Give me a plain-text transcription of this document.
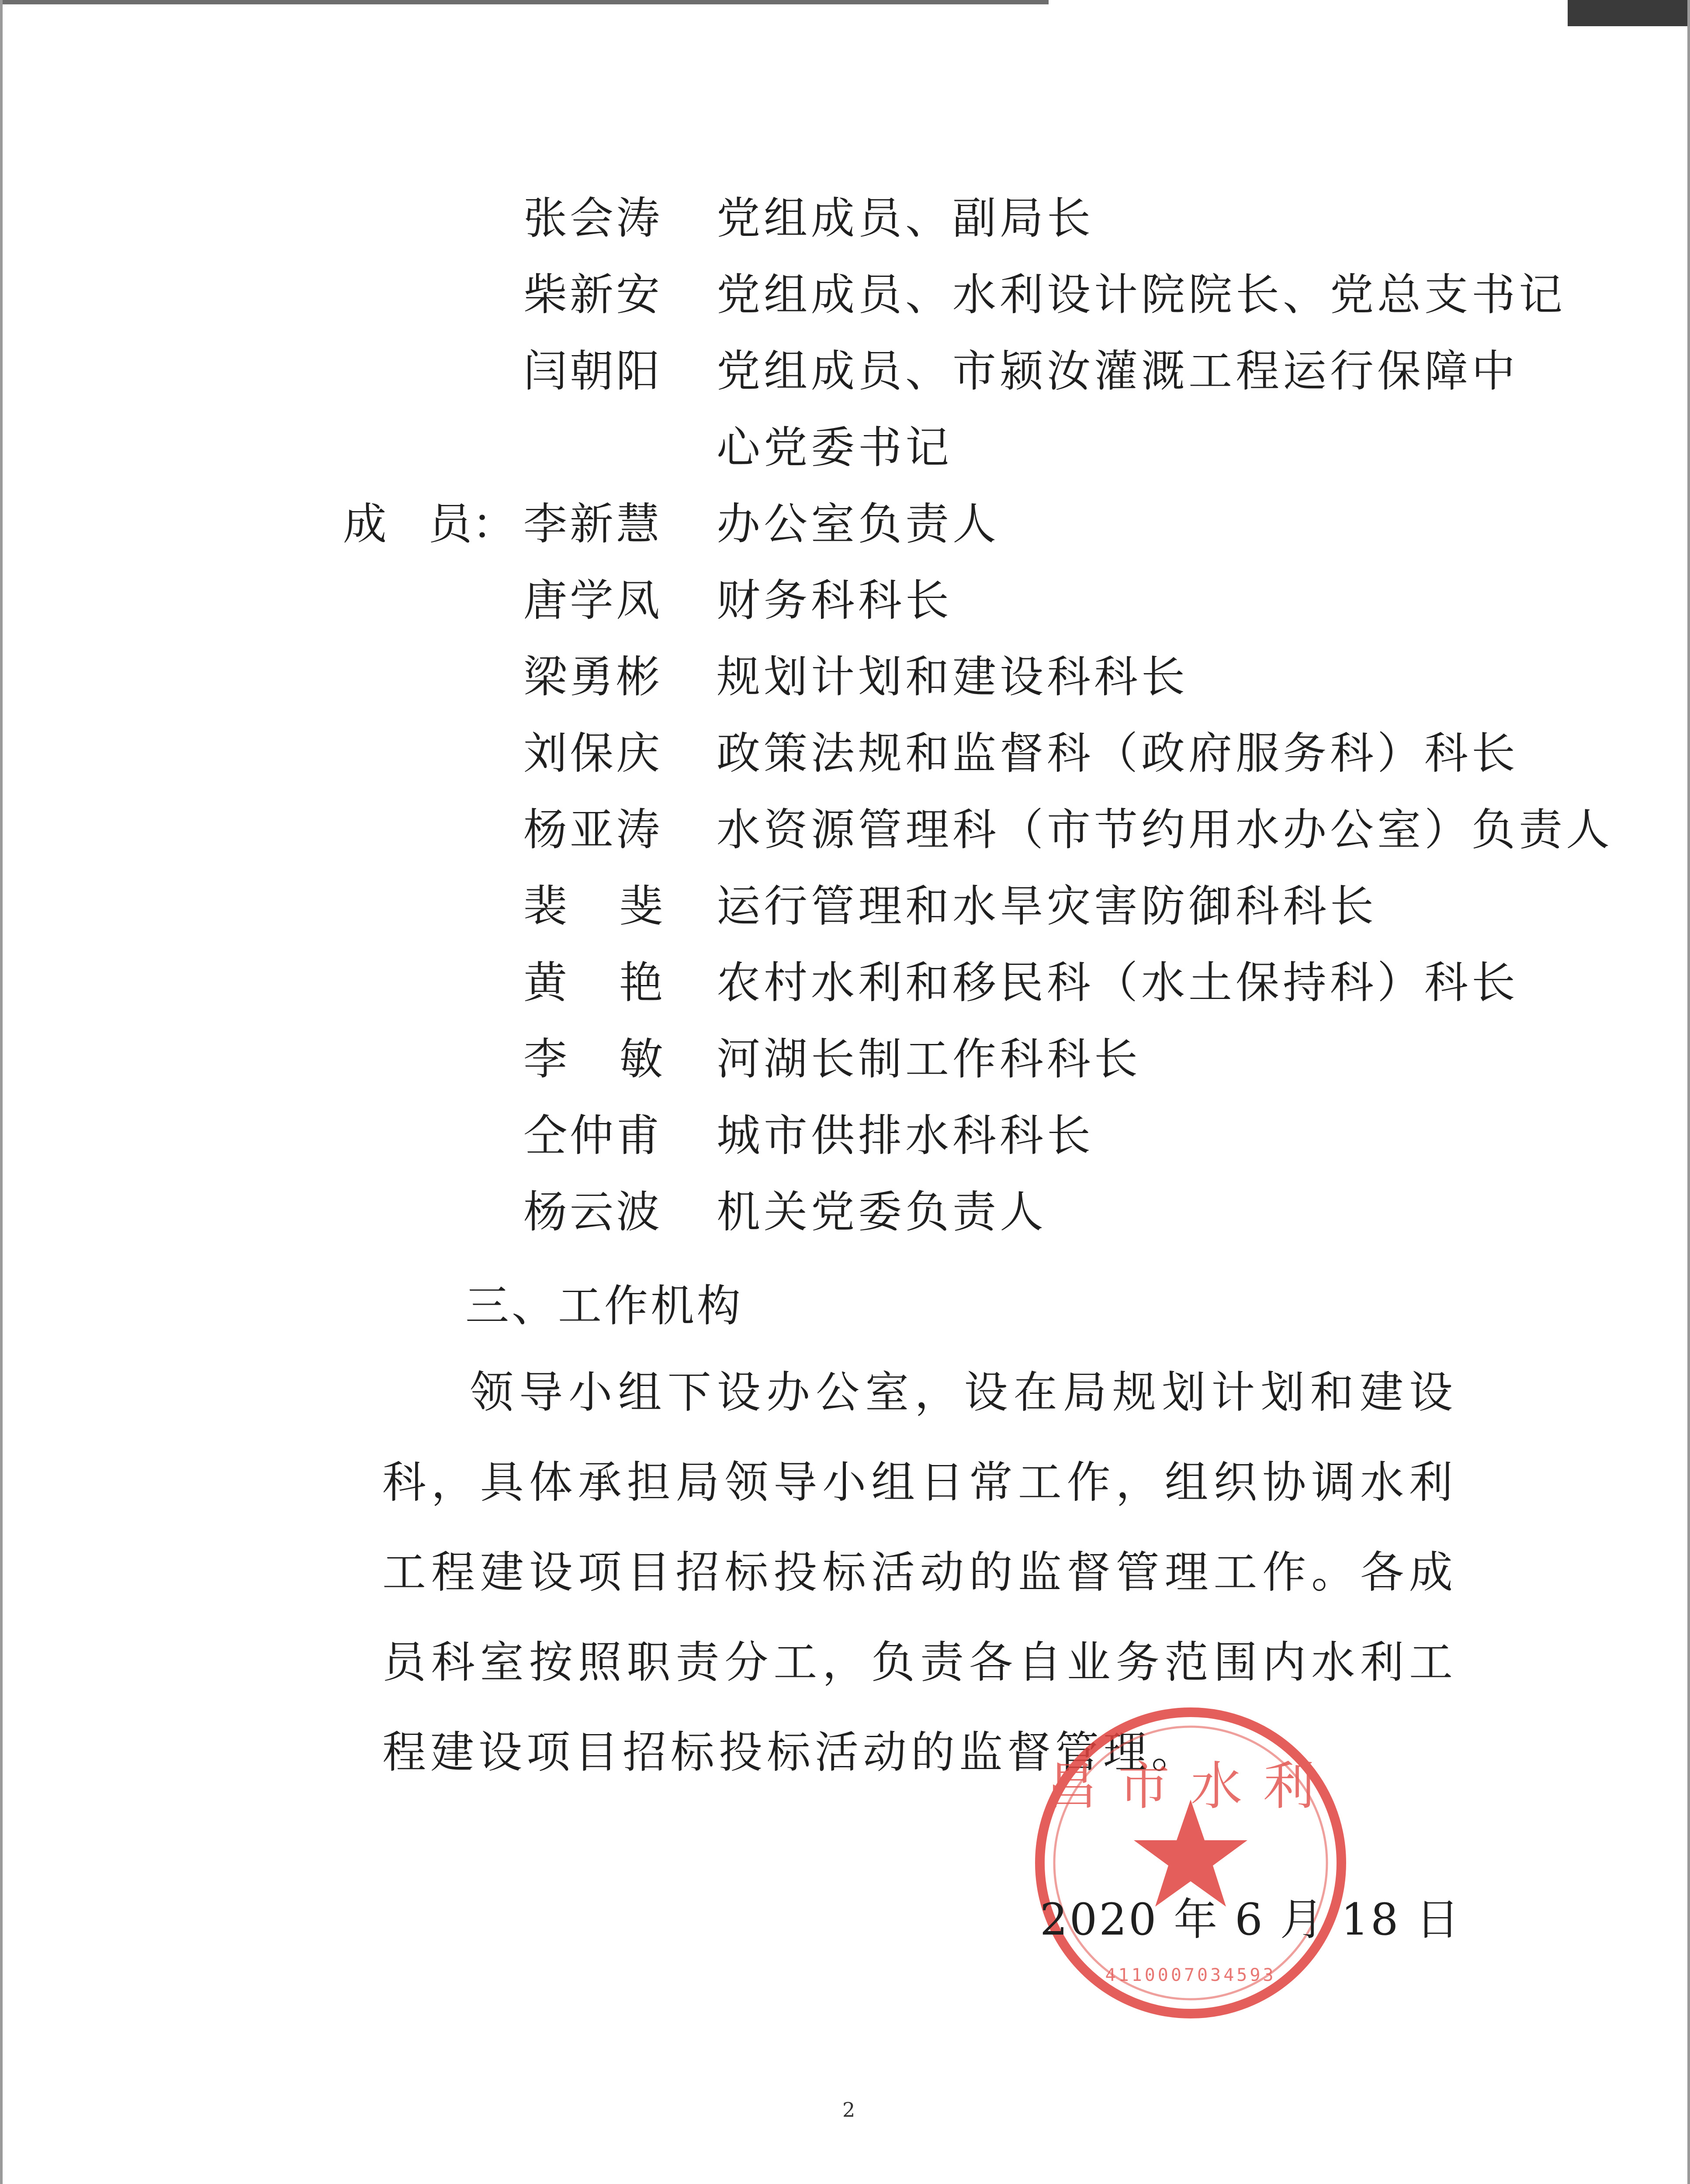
张会涛 党组成员、副局长
柴新安 党组成员、水利设计院院长、党总支书记
闫朝阳 党组成员、市颍汝灌溉工程运行保障中
心党委书记
成   员： 李新慧 办公室负责人
唐学凤 财务科科长
梁勇彬 规划计划和建设科科长
刘保庆 政策法规和监督科（政府服务科）科长
杨亚涛 水资源管理科（市节约用水办公室）负责人
裴   斐 运行管理和水旱灾害防御科科长
黄   艳 农村水利和移民科（水土保持科）科长
李   敏 河湖长制工作科科长
仝仲甫 城市供排水科科长
杨云波 机关党委负责人
三、工作机构

领导小组下设办公室，设在局规划计划和建设科，具体承担局领导小组日常工作，组织协调水利工程建设项目招标投标活动的监督管理工作。各成员科室按照职责分工，负责各自业务范围内水利工程建设项目招标投标活动的监督管理。

昌市水利
4110007034593
2020 年 6 月 18 日
2
